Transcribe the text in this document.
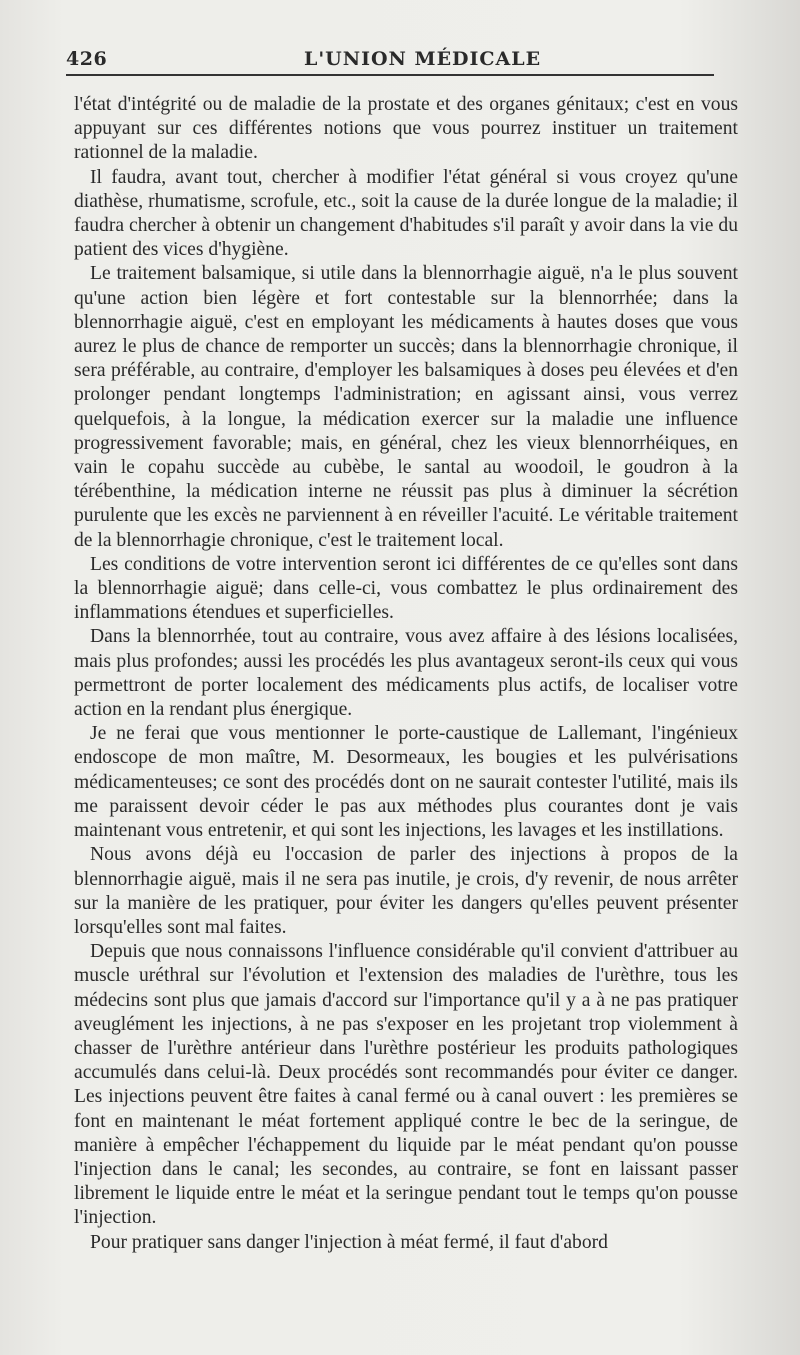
426	L'UNION MÉDICALE

l'état d'intégrité ou de maladie de la prostate et des organes génitaux; c'est en vous appuyant sur ces différentes notions que vous pourrez instituer un traitement rationnel de la maladie.

Il faudra, avant tout, chercher à modifier l'état général si vous croyez qu'une diathèse, rhumatisme, scrofule, etc., soit la cause de la durée longue de la maladie; il faudra chercher à obtenir un changement d'habitudes s'il paraît y avoir dans la vie du patient des vices d'hygiène.

Le traitement balsamique, si utile dans la blennorrhagie aiguë, n'a le plus souvent qu'une action bien légère et fort contestable sur la blennorrhée; dans la blennorrhagie aiguë, c'est en employant les médicaments à hautes doses que vous aurez le plus de chance de remporter un succès; dans la blennorrhagie chronique, il sera préférable, au contraire, d'employer les balsamiques à doses peu élevées et d'en prolonger pendant longtemps l'administration; en agissant ainsi, vous verrez quelquefois, à la longue, la médication exercer sur la maladie une influence progressivement favorable; mais, en général, chez les vieux blennorrhéiques, en vain le copahu succède au cubèbe, le santal au woodoil, le goudron à la térébenthine, la médication interne ne réussit pas plus à diminuer la sécrétion purulente que les excès ne parviennent à en réveiller l'acuité. Le véritable traitement de la blennorrhagie chronique, c'est le traitement local.

Les conditions de votre intervention seront ici différentes de ce qu'elles sont dans la blennorrhagie aiguë; dans celle-ci, vous combattez le plus ordinairement des inflammations étendues et superficielles.

Dans la blennorrhée, tout au contraire, vous avez affaire à des lésions localisées, mais plus profondes; aussi les procédés les plus avantageux seront-ils ceux qui vous permettront de porter localement des médicaments plus actifs, de localiser votre action en la rendant plus énergique.

Je ne ferai que vous mentionner le porte-caustique de Lallemant, l'ingénieux endoscope de mon maître, M. Desormeaux, les bougies et les pulvérisations médicamenteuses; ce sont des procédés dont on ne saurait contester l'utilité, mais ils me paraissent devoir céder le pas aux méthodes plus courantes dont je vais maintenant vous entretenir, et qui sont les injections, les lavages et les instillations.

Nous avons déjà eu l'occasion de parler des injections à propos de la blennorrhagie aiguë, mais il ne sera pas inutile, je crois, d'y revenir, de nous arrêter sur la manière de les pratiquer, pour éviter les dangers qu'elles peuvent présenter lorsqu'elles sont mal faites.

Depuis que nous connaissons l'influence considérable qu'il convient d'attribuer au muscle uréthral sur l'évolution et l'extension des maladies de l'urèthre, tous les médecins sont plus que jamais d'accord sur l'importance qu'il y a à ne pas pratiquer aveuglément les injections, à ne pas s'exposer en les projetant trop violemment à chasser de l'urèthre antérieur dans l'urèthre postérieur les produits pathologiques accumulés dans celui-là. Deux procédés sont recommandés pour éviter ce danger. Les injections peuvent être faites à canal fermé ou à canal ouvert : les premières se font en maintenant le méat fortement appliqué contre le bec de la seringue, de manière à empêcher l'échappement du liquide par le méat pendant qu'on pousse l'injection dans le canal; les secondes, au contraire, se font en laissant passer librement le liquide entre le méat et la seringue pendant tout le temps qu'on pousse l'injection.

Pour pratiquer sans danger l'injection à méat fermé, il faut d'abord
